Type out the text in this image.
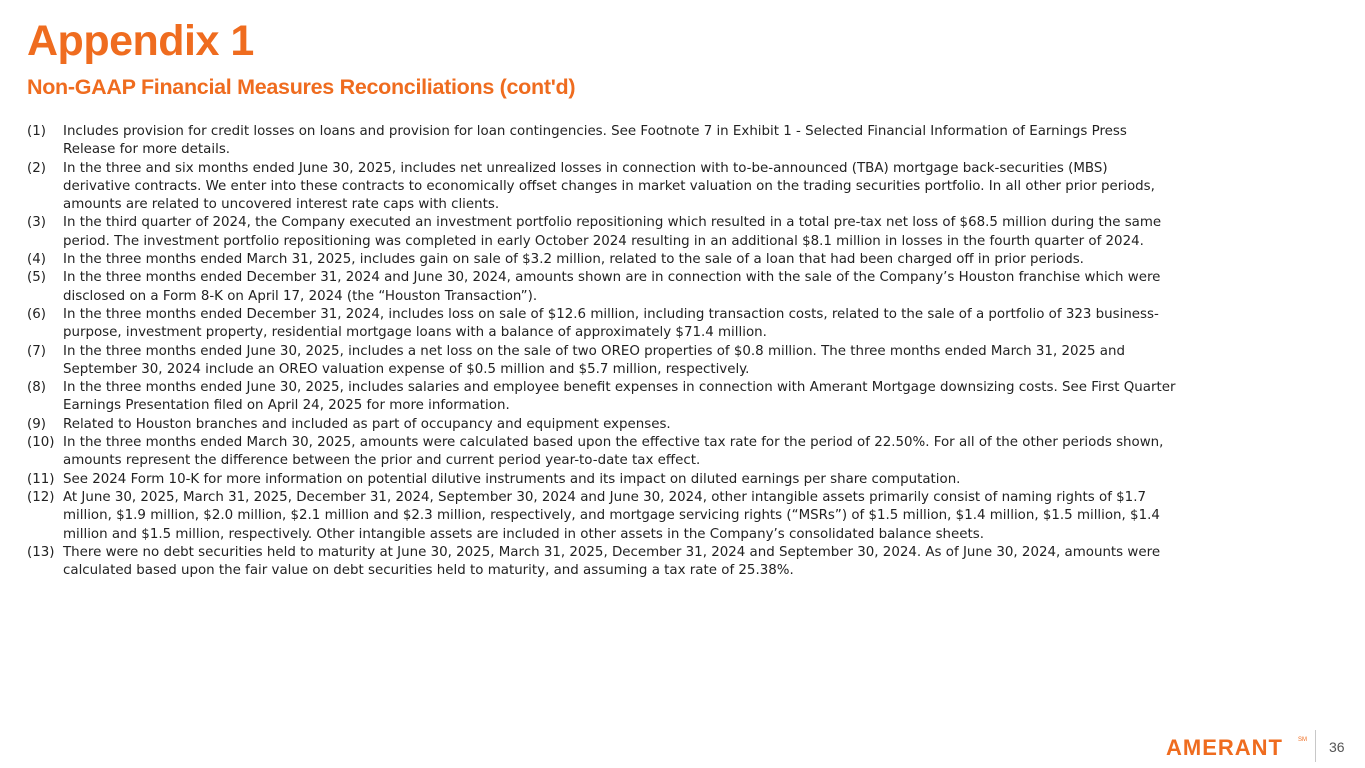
Appendix 1
Non-GAAP Financial Measures Reconciliations (cont'd)
(1)	Includes provision for credit losses on loans and provision for loan contingencies. See Footnote 7 in Exhibit 1 - Selected Financial Information of Earnings Press
Release for more details.
(2)	In the three and six months ended June 30, 2025, includes net unrealized losses in connection with to-be-announced (TBA) mortgage back-securities (MBS)
derivative contracts. We enter into these contracts to economically offset changes in market valuation on the trading securities portfolio. In all other prior periods,
amounts are related to uncovered interest rate caps with clients.
(3)	In the third quarter of 2024, the Company executed an investment portfolio repositioning which resulted in a total pre-tax net loss of $68.5 million during the same
period. The investment portfolio repositioning was completed in early October 2024 resulting in an additional $8.1 million in losses in the fourth quarter of 2024.
(4)	In the three months ended March 31, 2025, includes gain on sale of $3.2 million, related to the sale of a loan that had been charged off in prior periods.
(5)	In the three months ended December 31, 2024 and June 30, 2024, amounts shown are in connection with the sale of the Company’s Houston franchise which were
disclosed on a Form 8-K on April 17, 2024 (the “Houston Transaction”).
(6)	In the three months ended December 31, 2024, includes loss on sale of $12.6 million, including transaction costs, related to the sale of a portfolio of 323 business-
purpose, investment property, residential mortgage loans with a balance of approximately $71.4 million.
(7)	In the three months ended June 30, 2025, includes a net loss on the sale of two OREO properties of $0.8 million. The three months ended March 31, 2025 and
September 30, 2024 include an OREO valuation expense of $0.5 million and $5.7 million, respectively.
(8)	In the three months ended June 30, 2025, includes salaries and employee benefit expenses in connection with Amerant Mortgage downsizing costs. See First Quarter
Earnings Presentation filed on April 24, 2025 for more information.
(9)	Related to Houston branches and included as part of occupancy and equipment expenses.
(10) In the three months ended March 30, 2025, amounts were calculated based upon the effective tax rate for the period of 22.50%. For all of the other periods shown,
amounts represent the difference between the prior and current period year-to-date tax effect.
(11) See 2024 Form 10-K for more information on potential dilutive instruments and its impact on diluted earnings per share computation.
(12) At June 30, 2025, March 31, 2025, December 31, 2024, September 30, 2024 and June 30, 2024, other intangible assets primarily consist of naming rights of $1.7
million, $1.9 million, $2.0 million, $2.1 million and $2.3 million, respectively, and mortgage servicing rights (“MSRs”) of $1.5 million, $1.4 million, $1.5 million, $1.4
million and $1.5 million, respectively. Other intangible assets are included in other assets in the Company’s consolidated balance sheets.
(13) There were no debt securities held to maturity at June 30, 2025, March 31, 2025, December 31, 2024 and September 30, 2024. As of June 30, 2024, amounts were
calculated based upon the fair value on debt securities held to maturity, and assuming a tax rate of 25.38%.
AMERANT	SM 36
